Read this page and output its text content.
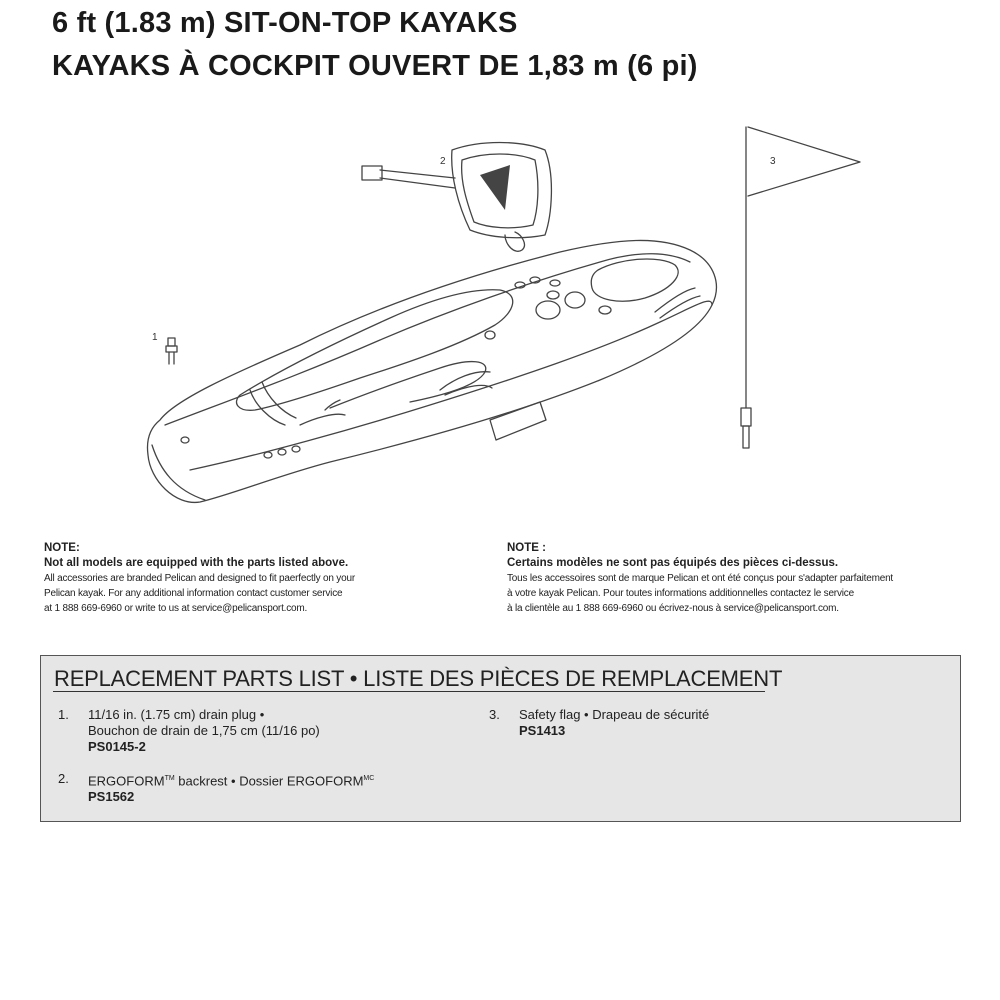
6 ft (1.83 m) SIT-ON-TOP KAYAKS
KAYAKS À COCKPIT OUVERT DE 1,83 m (6 pi)
1
2	3
NOTE:
Not all models are equipped with the parts listed above.
All accessories are branded Pelican and designed to fit paerfectly on your
Pelican kayak. For any additional information contact customer service
at 1 888 669-6960 or write to us at service@pelicansport.com.
NOTE :
Certains modèles ne sont pas équipés des pièces ci-dessus.
Tous les accessoires sont de marque Pelican et ont été conçus pour s'adapter parfaitement
à votre kayak Pelican. Pour toutes informations additionnelles contactez le service
à la clientèle au 1 888 669-6960 ou écrivez-nous à service@pelicansport.com.
REPLACEMENT PARTS LIST • LISTE DES PIÈCES DE REMPLACEMENT
1. 11/16 in. (1.75 cm) drain plug •
Bouchon de drain de 1,75 cm (11/16 po)
PS0145-2
2. ERGOFORM™ backrest • Dossier $ERGOFORM^{MC}$
PS1562
3. Safety flag • Drapeau de sécurité
PS1413
